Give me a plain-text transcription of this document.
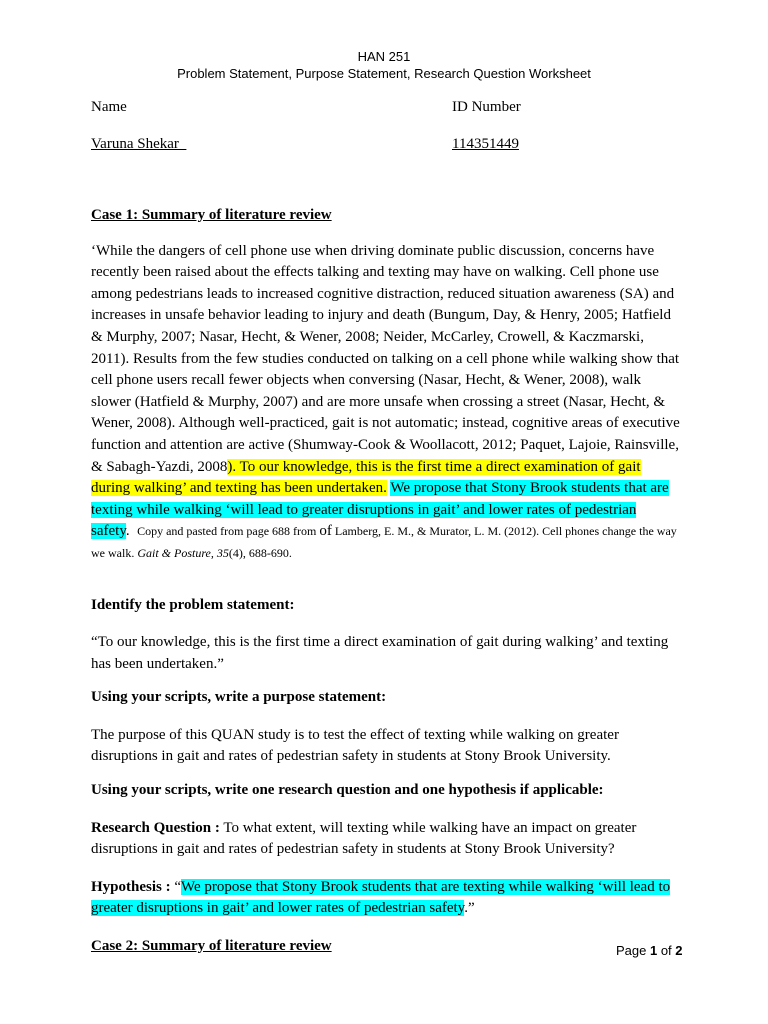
HAN 251
Problem Statement, Purpose Statement, Research Question Worksheet
Name	ID Number
Varuna Shekar	114351449

Case 1: Summary of literature review

‘While the dangers of cell phone use when driving dominate public discussion, concerns have recently been raised about the effects talking and texting may have on walking. Cell phone use among pedestrians leads to increased cognitive distraction, reduced situation awareness (SA) and increases in unsafe behavior leading to injury and death (Bungum, Day, & Henry, 2005; Hatfield & Murphy, 2007; Nasar, Hecht, & Wener, 2008; Neider, McCarley, Crowell, & Kaczmarski, 2011). Results from the few studies conducted on talking on a cell phone while walking show that cell phone users recall fewer objects when conversing (Nasar, Hecht, & Wener, 2008), walk slower (Hatfield & Murphy, 2007) and are more unsafe when crossing a street (Nasar, Hecht, & Wener, 2008). Although well-practiced, gait is not automatic; instead, cognitive areas of executive function and attention are active (Shumway-Cook & Woollacott, 2012; Paquet, Lajoie, Rainsville, & Sabagh-Yazdi, 2008). To our knowledge, this is the first time a direct examination of gait during walking’ and texting has been undertaken. We propose that Stony Brook students that are texting while walking ‘will lead to greater disruptions in gait’ and lower rates of pedestrian safety. Copy and pasted from page 688 from of Lamberg, E. M., & Murator, L. M. (2012). Cell phones change the way we walk. Gait & Posture, 35(4), 688-690.

Identify the problem statement:

“To our knowledge, this is the first time a direct examination of gait during walking’ and texting has been undertaken.”

Using your scripts, write a purpose statement:

The purpose of this QUAN study is to test the effect of texting while walking on greater disruptions in gait and rates of pedestrian safety in students at Stony Brook University.

Using your scripts, write one research question and one hypothesis if applicable:

Research Question : To what extent, will texting while walking have an impact on greater disruptions in gait and rates of pedestrian safety in students at Stony Brook University?

Hypothesis : “We propose that Stony Brook students that are texting while walking ‘will lead to greater disruptions in gait’ and lower rates of pedestrian safety.”

Case 2: Summary of literature review	Page 1 of 2
